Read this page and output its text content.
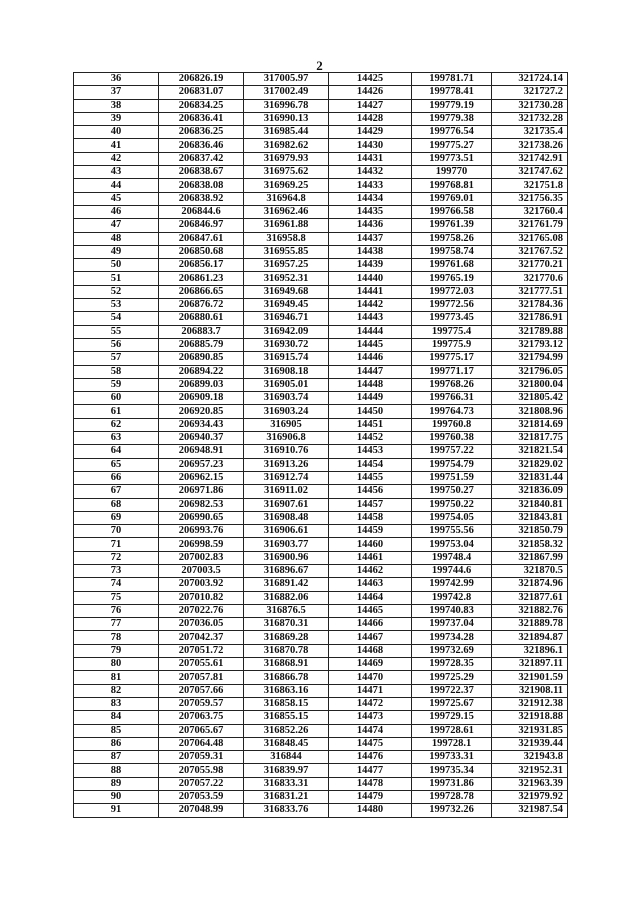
2
36	206826.19	317005.97	14425	199781.71	321724.14
37	206831.07	317002.49	14426	199778.41	321727.2
38	206834.25	316996.78	14427	199779.19	321730.28
39	206836.41	316990.13	14428	199779.38	321732.28
40	206836.25	316985.44	14429	199776.54	321735.4
41	206836.46	316982.62	14430	199775.27	321738.26
42	206837.42	316979.93	14431	199773.51	321742.91
43	206838.67	316975.62	14432	199770	321747.62
44	206838.08	316969.25	14433	199768.81	321751.8
45	206838.92	316964.8	14434	199769.01	321756.35
46	206844.6	316962.46	14435	199766.58	321760.4
47	206846.97	316961.88	14436	199761.39	321761.79
48	206847.61	316958.8	14437	199758.26	321765.08
49	206850.68	316955.85	14438	199758.74	321767.52
50	206856.17	316957.25	14439	199761.68	321770.21
51	206861.23	316952.31	14440	199765.19	321770.6
52	206866.65	316949.68	14441	199772.03	321777.51
53	206876.72	316949.45	14442	199772.56	321784.36
54	206880.61	316946.71	14443	199773.45	321786.91
55	206883.7	316942.09	14444	199775.4	321789.88
56	206885.79	316930.72	14445	199775.9	321793.12
57	206890.85	316915.74	14446	199775.17	321794.99
58	206894.22	316908.18	14447	199771.17	321796.05
59	206899.03	316905.01	14448	199768.26	321800.04
60	206909.18	316903.74	14449	199766.31	321805.42
61	206920.85	316903.24	14450	199764.73	321808.96
62	206934.43	316905	14451	199760.8	321814.69
63	206940.37	316906.8	14452	199760.38	321817.75
64	206948.91	316910.76	14453	199757.22	321821.54
65	206957.23	316913.26	14454	199754.79	321829.02
66	206962.15	316912.74	14455	199751.59	321831.44
67	206971.86	316911.02	14456	199750.27	321836.09
68	206982.53	316907.61	14457	199750.22	321840.81
69	206990.65	316908.48	14458	199754.05	321843.81
70	206993.76	316906.61	14459	199755.56	321850.79
71	206998.59	316903.77	14460	199753.04	321858.32
72	207002.83	316900.96	14461	199748.4	321867.99
73	207003.5	316896.67	14462	199744.6	321870.5
74	207003.92	316891.42	14463	199742.99	321874.96
75	207010.82	316882.06	14464	199742.8	321877.61
76	207022.76	316876.5	14465	199740.83	321882.76
77	207036.05	316870.31	14466	199737.04	321889.78
78	207042.37	316869.28	14467	199734.28	321894.87
79	207051.72	316870.78	14468	199732.69	321896.1
80	207055.61	316868.91	14469	199728.35	321897.11
81	207057.81	316866.78	14470	199725.29	321901.59
82	207057.66	316863.16	14471	199722.37	321908.11
83	207059.57	316858.15	14472	199725.67	321912.38
84	207063.75	316855.15	14473	199729.15	321918.88
85	207065.67	316852.26	14474	199728.61	321931.85
86	207064.48	316848.45	14475	199728.1	321939.44
87	207059.31	316844	14476	199733.31	321943.8
88	207055.98	316839.97	14477	199735.34	321952.31
89	207057.22	316833.31	14478	199731.86	321963.39
90	207053.59	316831.21	14479	199728.78	321979.92
91	207048.99	316833.76	14480	199732.26	321987.54
